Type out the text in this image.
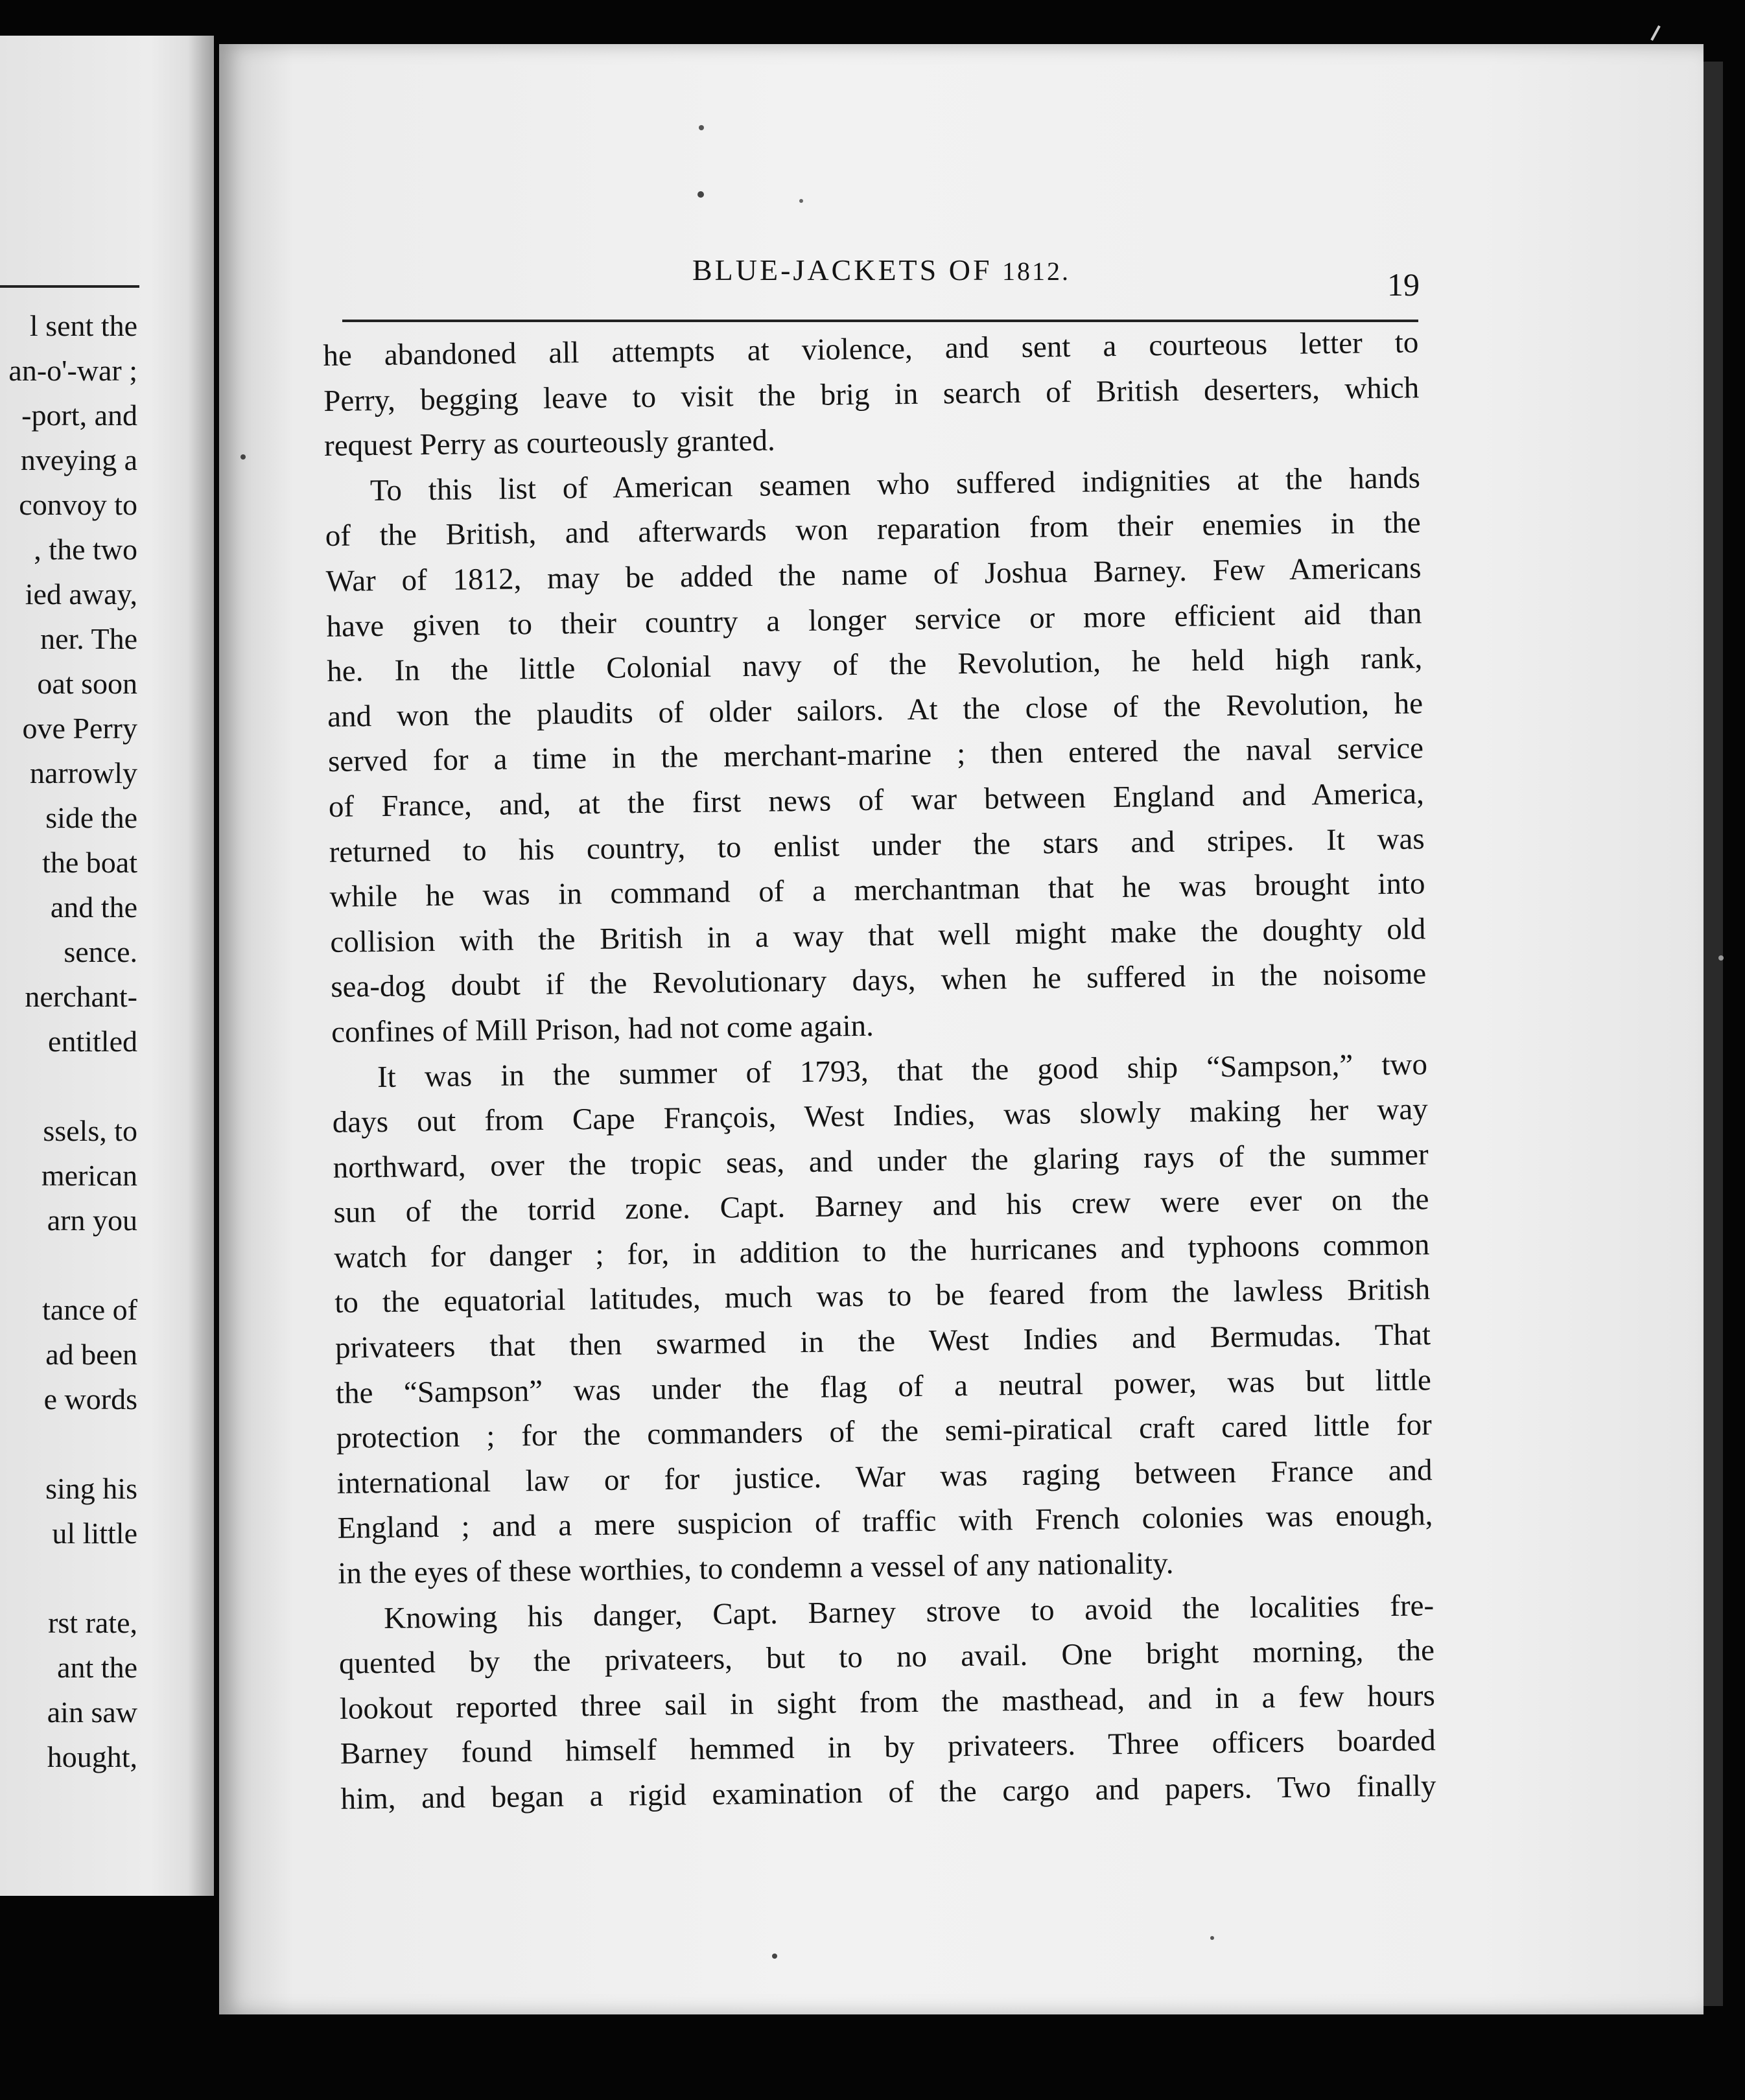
l sent the
an-o'-war ;
-port, and
nveying a
convoy to
, the two
ied away,
ner. The
oat soon
ove Perry
narrowly
side the
the boat
and the
sence.
nerchant-
entitled
ssels, to
merican
arn you
tance of
ad been
e words
sing his
ul little
rst rate,
ant the
ain saw
hought,
BLUE-JACKETS OF 1812.	19
he abandoned all attempts at violence, and sent a courteous letter to
Perry, begging leave to visit the brig in search of British deserters, which
request Perry as courteously granted.
To this list of American seamen who suffered indignities at the hands
of the British, and afterwards won reparation from their enemies in the
War of 1812, may be added the name of Joshua Barney. Few Americans
have given to their country a longer service or more efficient aid than
he. In the little Colonial navy of the Revolution, he held high rank,
and won the plaudits of older sailors. At the close of the Revolution, he
served for a time in the merchant-marine ; then entered the naval service
of France, and, at the first news of war between England and America,
returned to his country, to enlist under the stars and stripes. It was
while he was in command of a merchantman that he was brought into
collision with the British in a way that well might make the doughty old
sea-dog doubt if the Revolutionary days, when he suffered in the noisome
confines of Mill Prison, had not come again.
It was in the summer of 1793, that the good ship “Sampson,” two
days out from Cape François, West Indies, was slowly making her way
northward, over the tropic seas, and under the glaring rays of the summer
sun of the torrid zone. Capt. Barney and his crew were ever on the
watch for danger ; for, in addition to the hurricanes and typhoons common
to the equatorial latitudes, much was to be feared from the lawless British
privateers that then swarmed in the West Indies and Bermudas. That
the “Sampson” was under the flag of a neutral power, was but little
protection ; for the commanders of the semi-piratical craft cared little for
international law or for justice. War was raging between France and
England ; and a mere suspicion of traffic with French colonies was enough,
in the eyes of these worthies, to condemn a vessel of any nationality.
Knowing his danger, Capt. Barney strove to avoid the localities fre-
quented by the privateers, but to no avail. One bright morning, the
lookout reported three sail in sight from the masthead, and in a few hours
Barney found himself hemmed in by privateers. Three officers boarded
him, and began a rigid examination of the cargo and papers. Two finally
